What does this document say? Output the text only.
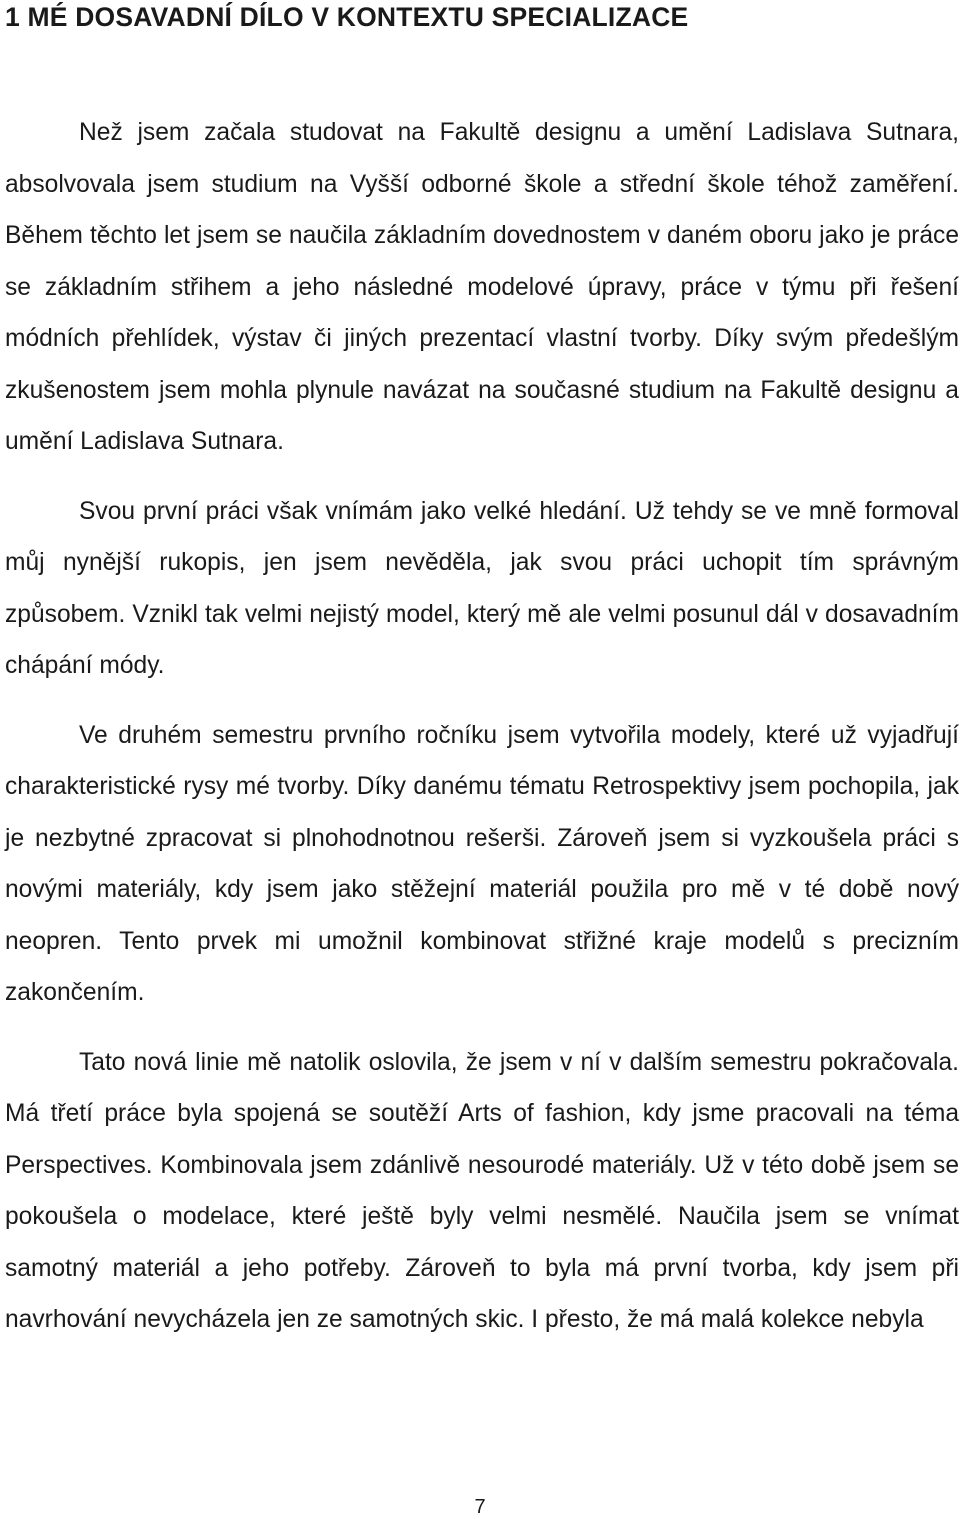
1 MÉ DOSAVADNÍ DÍLO V KONTEXTU SPECIALIZACE

Než jsem začala studovat na Fakultě designu a umění Ladislava Sutnara, absolvovala jsem studium na Vyšší odborné škole a střední škole téhož zaměření. Během těchto let jsem se naučila základním dovednostem v daném oboru jako je práce se základním střihem a jeho následné modelové úpravy, práce v týmu při řešení módních přehlídek, výstav či jiných prezentací vlastní tvorby. Díky svým předešlým zkušenostem jsem mohla plynule navázat na současné studium na Fakultě designu a umění Ladislava Sutnara.

Svou první práci však vnímám jako velké hledání. Už tehdy se ve mně formoval můj nynější rukopis, jen jsem nevěděla, jak svou práci uchopit tím správným způsobem. Vznikl tak velmi nejistý model, který mě ale velmi posunul dál v dosavadním chápání módy.

Ve druhém semestru prvního ročníku jsem vytvořila modely, které už vyjadřují charakteristické rysy mé tvorby. Díky danému tématu Retrospektivy jsem pochopila, jak je nezbytné zpracovat si plnohodnotnou rešerši. Zároveň jsem si vyzkoušela práci s novými materiály, kdy jsem jako stěžejní materiál použila pro mě v té době nový neopren. Tento prvek mi umožnil kombinovat střižné kraje modelů s precizním zakončením.

Tato nová linie mě natolik oslovila, že jsem v ní v dalším semestru pokračovala. Má třetí práce byla spojená se soutěží Arts of fashion, kdy jsme pracovali na téma Perspectives. Kombinovala jsem zdánlivě nesourodé materiály. Už v této době jsem se pokoušela o modelace, které ještě byly velmi nesmělé. Naučila jsem se vnímat samotný materiál a jeho potřeby. Zároveň to byla má první tvorba, kdy jsem při navrhování nevycházela jen ze samotných skic. I přesto, že má malá kolekce nebyla

7
